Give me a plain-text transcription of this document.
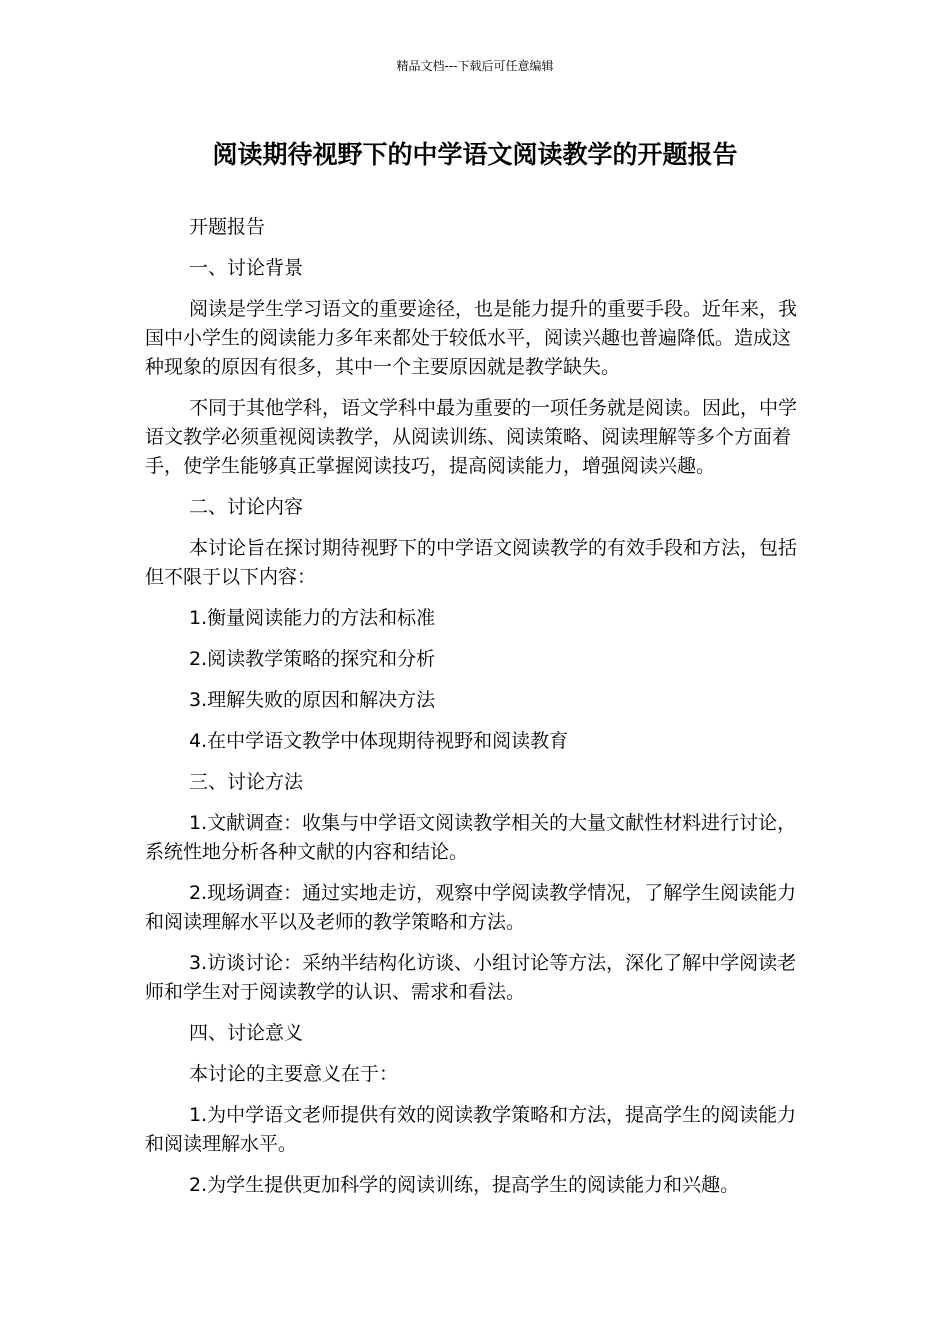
精品文档---下载后可任意编辑
阅读期待视野下的中学语文阅读教学的开题报告

开题报告

一、讨论背景

阅读是学生学习语文的重要途径，也是能力提升的重要手段。近年来，我国中小学生的阅读能力多年来都处于较低水平，阅读兴趣也普遍降低。造成这种现象的原因有很多，其中一个主要原因就是教学缺失。

不同于其他学科，语文学科中最为重要的一项任务就是阅读。因此，中学语文教学必须重视阅读教学，从阅读训练、阅读策略、阅读理解等多个方面着手，使学生能够真正掌握阅读技巧，提高阅读能力，增强阅读兴趣。

二、讨论内容

本讨论旨在探讨期待视野下的中学语文阅读教学的有效手段和方法，包括但不限于以下内容：

1.衡量阅读能力的方法和标准

2.阅读教学策略的探究和分析

3.理解失败的原因和解决方法

4.在中学语文教学中体现期待视野和阅读教育

三、讨论方法

1.文献调查：收集与中学语文阅读教学相关的大量文献性材料进行讨论，系统性地分析各种文献的内容和结论。

2.现场调查：通过实地走访，观察中学阅读教学情况，了解学生阅读能力和阅读理解水平以及老师的教学策略和方法。

3.访谈讨论：采纳半结构化访谈、小组讨论等方法，深化了解中学阅读老师和学生对于阅读教学的认识、需求和看法。

四、讨论意义

本讨论的主要意义在于：

1.为中学语文老师提供有效的阅读教学策略和方法，提高学生的阅读能力和阅读理解水平。

2.为学生提供更加科学的阅读训练，提高学生的阅读能力和兴趣。
